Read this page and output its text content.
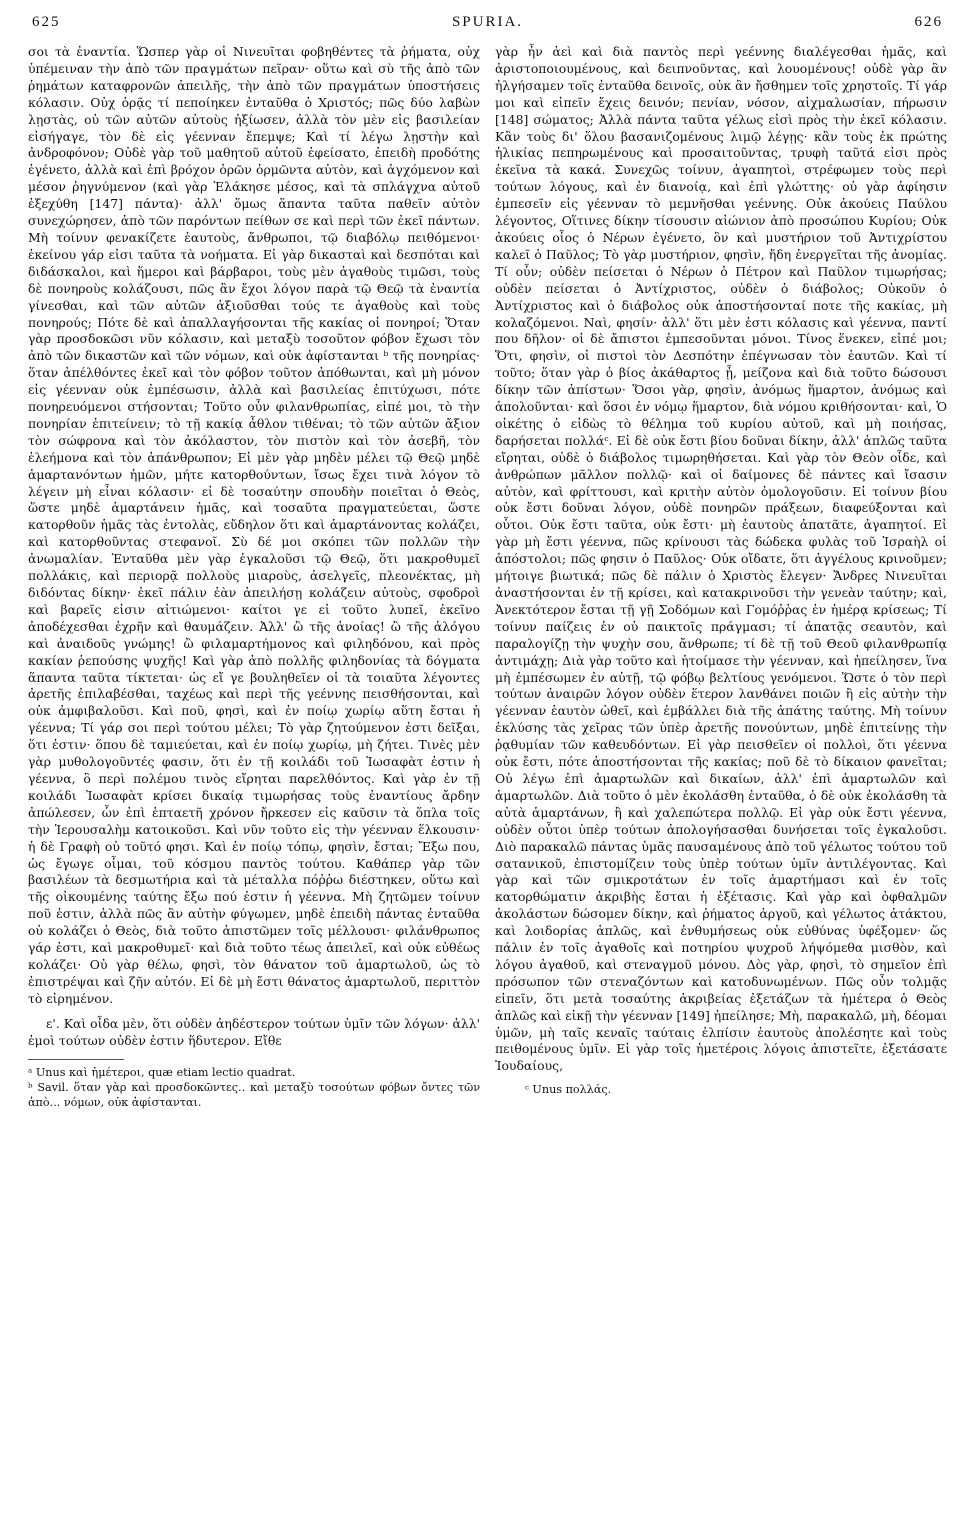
625	SPURIA.	626

σοι τὰ ἐναντία. Ὥσπερ γὰρ οἱ Νινευῖται φοβηθέντες τὰ ῥήματα, οὐχ ὑπέμειναν τὴν ἀπὸ τῶν πραγμάτων πεῖραν· οὕτω καὶ σὺ τῆς ἀπὸ τῶν ῥημάτων καταφρονῶν ἀπειλῆς, τὴν ἀπὸ τῶν πραγμάτων ὑποστήσεις κόλασιν. Οὐχ ὁρᾷς τί πεποίηκεν ἐνταῦθα ὁ Χριστός; πῶς δύο λαβὼν λῃστὰς, οὐ τῶν αὐτῶν αὐτοὺς ἠξίωσεν, ἀλλὰ τὸν μὲν εἰς βασιλείαν εἰσήγαγε, τὸν δὲ εἰς γέενναν ἔπεμψε; Καὶ τί λέγω λῃστὴν καὶ ἀνδροφόνον; Οὐδὲ γὰρ τοῦ μαθητοῦ αὐτοῦ ἐφείσατο, ἐπειδὴ προδότης ἐγένετο, ἀλλὰ καὶ ἐπὶ βρόχον ὁρῶν ὁρμῶντα αὐτὸν, καὶ ἀγχόμενον καὶ μέσον ῥηγνύμενον (καὶ γὰρ Ἐλάκησε μέσος, καὶ τὰ σπλάγχνα αὐτοῦ ἐξεχύθη [147] πάντα)· ἀλλ' ὅμως ἅπαντα ταῦτα παθεῖν αὐτὸν συνεχώρησεν, ἀπὸ τῶν παρόντων πείθων σε καὶ περὶ τῶν ἐκεῖ πάντων. Μὴ τοίνυν φενακίζετε ἑαυτοὺς, ἄνθρωποι, τῷ διαβόλῳ πειθόμενοι· ἐκείνου γάρ εἰσι ταῦτα τὰ νοήματα. Εἰ γὰρ δικασταὶ καὶ δεσπόται καὶ διδάσκαλοι, καὶ ἥμεροι καὶ βάρβαροι, τοὺς μὲν ἀγαθοὺς τιμῶσι, τοὺς δὲ πονηροὺς κολάζουσι, πῶς ἂν ἔχοι λόγον παρὰ τῷ Θεῷ τὰ ἐναντία γίνεσθαι, καὶ τῶν αὐτῶν ἀξιοῦσθαι τούς τε ἀγαθοὺς καὶ τοὺς πονηρούς; Πότε δὲ καὶ ἀπαλλαγήσονται τῆς κακίας οἱ πονηροί; Ὅταν γὰρ προσδοκῶσι νῦν κόλασιν, καὶ μεταξὺ τοσοῦτον φόβον ἔχωσι τὸν ἀπὸ τῶν δικαστῶν καὶ τῶν νόμων, καὶ οὐκ ἀφίστανται ᵇ τῆς πονηρίας· ὅταν ἀπέλθόντες ἐκεῖ καὶ τὸν φόβον τοῦτον ἀπόθωνται, καὶ μὴ μόνον εἰς γέενναν οὐκ ἐμπέσωσιν, ἀλλὰ καὶ βασιλείας ἐπιτύχωσι, πότε πονηρευόμενοι στήσονται; Τοῦτο οὖν φιλανθρωπίας, εἰπέ μοι, τὸ τὴν πονηρίαν ἐπιτείνειν; τὸ τῇ κακίᾳ ἆθλον τιθέναι; τὸ τῶν αὐτῶν ἄξιον τὸν σώφρονα καὶ τὸν ἀκόλαστον, τὸν πιστὸν καὶ τὸν ἀσεβῆ, τὸν ἐλεήμονα καὶ τὸν ἀπάνθρωπον; Εἰ μὲν γὰρ μηδὲν μέλει τῷ Θεῷ μηδὲ ἁμαρτανόντων ἡμῶν, μήτε κατορθούντων, ἴσως ἔχει τινὰ λόγον τὸ λέγειν μὴ εἶναι κόλασιν· εἰ δὲ τοσαύτην σπουδὴν ποιεῖται ὁ Θεὸς, ὥστε μηδὲ ἁμαρτάνειν ἡμᾶς, καὶ τοσαῦτα πραγματεύεται, ὥστε κατορθοῦν ἡμᾶς τὰς ἐντολὰς, εὔδηλον ὅτι καὶ ἁμαρτάνοντας κολάζει, καὶ κατορθοῦντας στεφανοῖ. Σὺ δέ μοι σκόπει τῶν πολλῶν τὴν ἀνωμαλίαν. Ἐνταῦθα μὲν γὰρ ἐγκαλοῦσι τῷ Θεῷ, ὅτι μακροθυμεῖ πολλάκις, καὶ περιορᾷ πολλοὺς μιαροὺς, ἀσελγεῖς, πλεονέκτας, μὴ διδόντας δίκην· ἐκεῖ πάλιν ἐὰν ἀπειλήσῃ κολάζειν αὐτοὺς, σφοδροὶ καὶ βαρεῖς εἰσιν αἰτιώμενοι· καίτοι γε εἰ τοῦτο λυπεῖ, ἐκεῖνο ἀποδέχεσθαι ἐχρῆν καὶ θαυμάζειν. Ἀλλ' ὢ τῆς ἀνοίας! ὢ τῆς ἀλόγου καὶ ἀναιδοῦς γνώμης! ὢ φιλαμαρτήμονος καὶ φιληδόνου, καὶ πρὸς κακίαν ῥεπούσης ψυχῆς! Καὶ γὰρ ἀπὸ πολλῆς φιληδονίας τὰ δόγματα ἅπαντα ταῦτα τίκτεται· ὡς εἴ γε βουληθεῖεν οἱ τὰ τοιαῦτα λέγοντες ἀρετῆς ἐπιλαβέσθαι, ταχέως καὶ περὶ τῆς γεέννης πεισθήσονται, καὶ οὐκ ἀμφιβαλοῦσι. Καὶ ποῦ, φησὶ, καὶ ἐν ποίῳ χωρίῳ αὕτη ἔσται ἡ γέεννα; Τί γάρ σοι περὶ τούτου μέλει; Τὸ γὰρ ζητούμενον ἐστι δεῖξαι, ὅτι ἐστιν· ὅπου δὲ ταμιεύεται, καὶ ἐν ποίῳ χωρίῳ, μὴ ζήτει. Τινὲς μὲν γὰρ μυθολογοῦντές φασιν, ὅτι ἐν τῇ κοιλάδι τοῦ Ἰωσαφὰτ ἐστιν ἡ γέεννα, ὃ περὶ πολέμου τινὸς εἴρηται παρελθόντος. Καὶ γὰρ ἐν τῇ κοιλάδι Ἰωσαφὰτ κρίσει δικαίᾳ τιμωρήσας τοὺς ἐναντίους ἄρδην ἀπώλεσεν, ὧν ἐπὶ ἑπταετῆ χρόνον ἤρκεσεν εἰς καῦσιν τὰ ὅπλα τοῖς τὴν Ἱερουσαλὴμ κατοικοῦσι. Καὶ νῦν τοῦτο εἰς τὴν γέενναν ἕλκουσιν· ἡ δὲ Γραφὴ οὐ τοῦτό φησι. Καὶ ἐν ποίῳ τόπῳ, φησὶν, ἔσται; Ἔξω που, ὡς ἔγωγε οἶμαι, τοῦ κόσμου παντὸς τούτου. Καθάπερ γὰρ τῶν βασιλέων τὰ δεσμωτήρια καὶ τὰ μέταλλα πόῤῥω διέστηκεν, οὕτω καὶ τῆς οἰκουμένης ταύτης ἔξω πού ἐστιν ἡ γέεννα. Μὴ ζητῶμεν τοίνυν ποῦ ἐστιν, ἀλλὰ πῶς ἂν αὐτὴν φύγωμεν, μηδὲ ἐπειδὴ πάντας ἐνταῦθα οὐ κολάζει ὁ Θεὸς, διὰ τοῦτο ἀπιστῶμεν τοῖς μέλλουσι· φιλάνθρωπος γάρ ἐστι, καὶ μακροθυμεῖ· καὶ διὰ τοῦτο τέως ἀπειλεῖ, καὶ οὐκ εὐθέως κολάζει· Οὐ γὰρ θέλω, φησὶ, τὸν θάνατον τοῦ ἁμαρτωλοῦ, ὡς τὸ ἐπιστρέψαι καὶ ζῆν αὐτόν. Εἰ δὲ μὴ ἔστι θάνατος ἁμαρτωλοῦ, περιττὸν τὸ εἰρημένον.

ε'. Καὶ οἶδα μὲν, ὅτι οὐδὲν ἀηδέστερον τούτων ὑμῖν τῶν λόγων· ἀλλ' ἐμοὶ τούτων οὐδὲν ἐστιν ἥδυτερον. Εἴθε

ᵃ Unus καὶ ἡμέτεροι, quæ etiam lectio quadrat.

ᵇ Savil. ὅταν γὰρ καὶ προσδοκῶντες.. καὶ μεταξὺ τοσούτων φόβων ὄντες τῶν ἀπὸ... νόμων, οὐκ ἀφίστανται.

γὰρ ἦν ἀεὶ καὶ διὰ παντὸς περὶ γεέννης διαλέγεσθαι ἡμᾶς, καὶ ἀριστοποιουμένους, καὶ δειπνοῦντας, καὶ λουομένους! οὐδὲ γὰρ ἂν ἠλγήσαμεν τοῖς ἐνταῦθα δεινοῖς, οὐκ ἂν ἤσθημεν τοῖς χρηστοῖς. Τί γάρ μοι καὶ εἰπεῖν ἔχεις δεινόν; πενίαν, νόσον, αἰχμαλωσίαν, πήρωσιν [148] σώματος; Ἀλλὰ πάντα ταῦτα γέλως εἰσὶ πρὸς τὴν ἐκεῖ κόλασιν. Κἂν τοὺς δι' ὅλου βασανιζομένους λιμῷ λέγῃς· κἂν τοὺς ἐκ πρώτης ἡλικίας πεπηρωμένους καὶ προσαιτοῦντας, τρυφὴ ταῦτά εἰσι πρὸς ἐκεῖνα τὰ κακά. Συνεχῶς τοίνυν, ἀγαπητοὶ, στρέφωμεν τοὺς περὶ τούτων λόγους, καὶ ἐν διανοίᾳ, καὶ ἐπὶ γλώττης· οὐ γὰρ ἀφίησιν ἐμπεσεῖν εἰς γέενναν τὸ μεμνῆσθαι γεέννης. Οὐκ ἀκούεις Παύλου λέγοντος, Οἵτινες δίκην τίσουσιν αἰώνιον ἀπὸ προσώπου Κυρίου; Οὐκ ἀκούεις οἷος ὁ Νέρων ἐγένετο, ὃν καὶ μυστήριον τοῦ Ἀντιχρίστου καλεῖ ὁ Παῦλος; Τὸ γὰρ μυστήριον, φησὶν, ἤδη ἐνεργεῖται τῆς ἀνομίας. Τί οὖν; οὐδὲν πείσεται ὁ Νέρων ὁ Πέτρον καὶ Παῦλον τιμωρήσας; οὐδὲν πείσεται ὁ Ἀντίχριστος, οὐδὲν ὁ διάβολος; Οὐκοῦν ὁ Ἀντίχριστος καὶ ὁ διάβολος οὐκ ἀποστήσονταί ποτε τῆς κακίας, μὴ κολαζόμενοι. Ναὶ, φησίν· ἀλλ' ὅτι μὲν ἐστι κόλασις καὶ γέεννα, παντί που δῆλον· οἱ δὲ ἄπιστοι ἐμπεσοῦνται μόνοι. Τίνος ἕνεκεν, εἰπέ μοι; Ὅτι, φησὶν, οἱ πιστοὶ τὸν Δεσπότην ἐπέγνωσαν τὸν ἑαυτῶν. Καὶ τί τοῦτο; ὅταν γὰρ ὁ βίος ἀκάθαρτος ᾖ, μείζονα καὶ διὰ τοῦτο δώσουσι δίκην τῶν ἀπίστων· Ὅσοι γὰρ, φησὶν, ἀνόμως ἥμαρτον, ἀνόμως καὶ ἀπολοῦνται· καὶ ὅσοι ἐν νόμῳ ἥμαρτον, διὰ νόμου κριθήσονται· καὶ, Ὁ οἰκέτης ὁ εἰδὼς τὸ θέλημα τοῦ κυρίου αὐτοῦ, καὶ μὴ ποιήσας, δαρήσεται πολλάᶜ. Εἰ δὲ οὐκ ἔστι βίου δοῦναι δίκην, ἀλλ' ἁπλῶς ταῦτα εἴρηται, οὐδὲ ὁ διάβολος τιμωρηθήσεται. Καὶ γὰρ τὸν Θεὸν οἶδε, καὶ ἀνθρώπων μᾶλλον πολλῷ· καὶ οἱ δαίμονες δὲ πάντες καὶ ἴσασιν αὐτὸν, καὶ φρίττουσι, καὶ κριτὴν αὐτὸν ὁμολογοῦσιν. Εἰ τοίνυν βίου οὐκ ἔστι δοῦναι λόγον, οὐδὲ πονηρῶν πράξεων, διαφεύξονται καὶ οὗτοι. Οὐκ ἔστι ταῦτα, οὐκ ἔστι· μὴ ἑαυτοὺς ἀπατᾶτε, ἀγαπητοί. Εἰ γὰρ μὴ ἔστι γέεννα, πῶς κρίνουσι τὰς δώδεκα φυλὰς τοῦ Ἰσραὴλ οἱ ἀπόστολοι; πῶς φησιν ὁ Παῦλος· Οὐκ οἴδατε, ὅτι ἀγγέλους κρινοῦμεν; μήτοιγε βιωτικά; πῶς δὲ πάλιν ὁ Χριστὸς ἔλεγεν· Ἄνδρες Νινευῖται ἀναστήσονται ἐν τῇ κρίσει, καὶ κατακρινοῦσι τὴν γενεὰν ταύτην; καὶ, Ἀνεκτότερον ἔσται τῇ γῇ Σοδόμων καὶ Γομόῤῥας ἐν ἡμέρᾳ κρίσεως; Τί τοίνυν παίζεις ἐν οὐ παικτοῖς πράγμασι; τί ἀπατᾷς σεαυτὸν, καὶ παραλογίζῃ τὴν ψυχὴν σου, ἄνθρωπε; τί δὲ τῇ τοῦ Θεοῦ φιλανθρωπίᾳ ἀντιμάχῃ; Διὰ γὰρ τοῦτο καὶ ἡτοίμασε τὴν γέενναν, καὶ ἠπείλησεν, ἵνα μὴ ἐμπέσωμεν ἐν αὐτῇ, τῷ φόβῳ βελτίους γενόμενοι. Ὥστε ὁ τὸν περὶ τούτων ἀναιρῶν λόγον οὐδὲν ἕτερον λανθάνει ποιῶν ἢ εἰς αὐτὴν τὴν γέενναν ἑαυτὸν ὠθεῖ, καὶ ἐμβάλλει διὰ τῆς ἀπάτης ταύτης. Μὴ τοίνυν ἐκλύσης τὰς χεῖρας τῶν ὑπὲρ ἀρετῆς πονούντων, μηδὲ ἐπιτείνῃς τὴν ῥᾳθυμίαν τῶν καθευδόντων. Εἰ γὰρ πεισθεῖεν οἱ πολλοὶ, ὅτι γέεννα οὐκ ἔστι, πότε ἀποστήσονται τῆς κακίας; ποῦ δὲ τὸ δίκαιον φανεῖται; Οὐ λέγω ἐπὶ ἁμαρτωλῶν καὶ δικαίων, ἀλλ' ἐπὶ ἁμαρτωλῶν καὶ ἁμαρτωλῶν. Διὰ τοῦτο ὁ μὲν ἐκολάσθη ἐνταῦθα, ὁ δὲ οὐκ ἐκολάσθη τὰ αὐτὰ ἁμαρτάνων, ἢ καὶ χαλεπώτερα πολλῷ. Εἰ γὰρ οὐκ ἔστι γέεννα, οὐδὲν οὗτοι ὑπὲρ τούτων ἀπολογήσασθαι δυνήσεται τοῖς ἐγκαλοῦσι. Διὸ παρακαλῶ πάντας ὑμᾶς παυσαμένους ἀπὸ τοῦ γέλωτος τούτου τοῦ σατανικοῦ, ἐπιστομίζειν τοὺς ὑπὲρ τούτων ὑμῖν ἀντιλέγοντας. Καὶ γὰρ καὶ τῶν σμικροτάτων ἐν τοῖς ἁμαρτήμασι καὶ ἐν τοῖς κατορθώματιν ἀκριβὴς ἔσται ἡ ἐξέτασις. Καὶ γὰρ καὶ ὀφθαλμῶν ἀκολάστων δώσομεν δίκην, καὶ ῥήματος ἀργοῦ, καὶ γέλωτος ἀτάκτου, καὶ λοιδορίας ἁπλῶς, καὶ ἐνθυμήσεως οὐκ εὐθύνας ὑφέξομεν· ὥς πάλιν ἐν τοῖς ἀγαθοῖς καὶ ποτηρίου ψυχροῦ λήψόμεθα μισθὸν, καὶ λόγου ἀγαθοῦ, καὶ στεναγμοῦ μόνου. Δὸς γὰρ, φησὶ, τὸ σημεῖον ἐπὶ πρόσωπον τῶν στεναζόντων καὶ κατοδυνωμένων. Πῶς οὖν τολμᾷς εἰπεῖν, ὅτι μετὰ τοσαύτης ἀκριβείας ἐξετάζων τὰ ἡμέτερα ὁ Θεὸς ἁπλῶς καὶ εἰκῇ τὴν γέενναν [149] ἠπείλησε; Μὴ, παρακαλῶ, μὴ, δέομαι ὑμῶν, μὴ ταῖς κεναῖς ταύταις ἐλπίσιν ἑαυτοὺς ἀπολέσητε καὶ τοὺς πειθομένους ὑμῖν. Εἰ γὰρ τοῖς ἡμετέροις λόγοις ἀπιστεῖτε, ἐξετάσατε Ἰουδαίους,

ᶜ Unus πολλάς.
